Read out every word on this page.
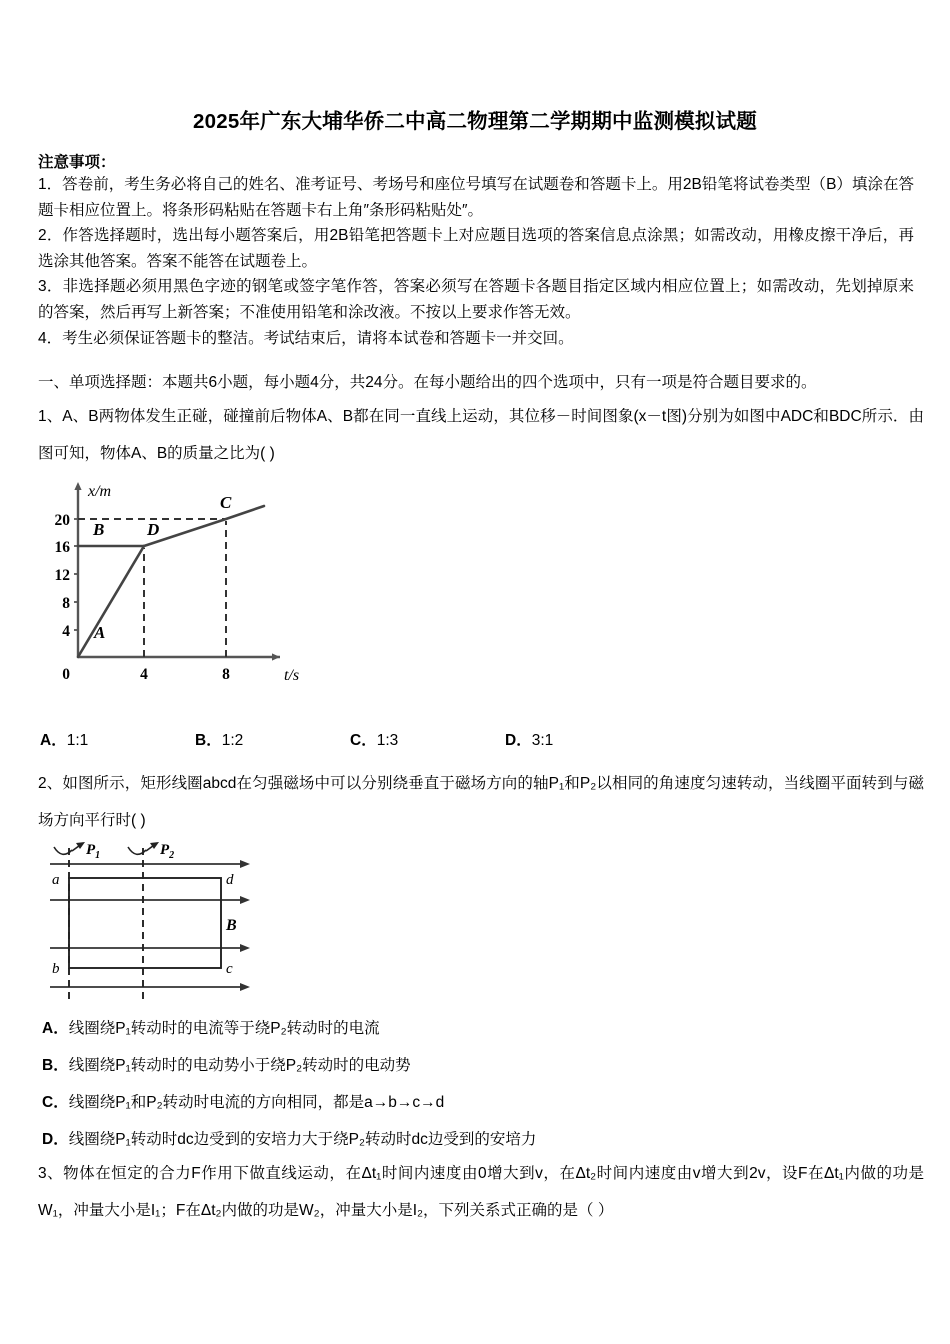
2025年广东大埔华侨二中高二物理第二学期期中监测模拟试题
注意事项：

1．答卷前，考生务必将自己的姓名、准考证号、考场号和座位号填写在试题卷和答题卡上。用2B铅笔将试卷类型（B）填涂在答题卡相应位置上。将条形码粘贴在答题卡右上角″条形码粘贴处″。

2．作答选择题时，选出每小题答案后，用2B铅笔把答题卡上对应题目选项的答案信息点涂黑；如需改动，用橡皮擦干净后，再选涂其他答案。答案不能答在试题卷上。

3．非选择题必须用黑色字迹的钢笔或签字笔作答，答案必须写在答题卡各题目指定区域内相应位置上；如需改动，先划掉原来的答案，然后再写上新答案；不准使用铅笔和涂改液。不按以上要求作答无效。

4．考生必须保证答题卡的整洁。考试结束后，请将本试卷和答题卡一并交回。

一、单项选择题：本题共6小题，每小题4分，共24分。在每小题给出的四个选项中，只有一项是符合题目要求的。
1、A、B两物体发生正碰，碰撞前后物体A、B都在同一直线上运动，其位移－时间图象(x－t图)分别为如图中ADC和BDC所示．由图可知，物体A、B的质量之比为( )
20
16
12
8
4
0	4	8
x/m
t/s
A
B
C
D
A．1:1	B．1:2	C．1:3	D．3:1
2、如图所示，矩形线圈abcd在匀强磁场中可以分别绕垂直于磁场方向的轴P₁和P₂以相同的角速度匀速转动，当线圈平面转到与磁场方向平行时( )
$P_1$	$P_2$
a
b	c
d
B
A．线圈绕P₁转动时的电流等于绕P₂转动时的电流
B．线圈绕P₁转动时的电动势小于绕P₂转动时的电动势
C．线圈绕P₁和P₂转动时电流的方向相同，都是a→b→c→d
D．线圈绕P₁转动时dc边受到的安培力大于绕P₂转动时dc边受到的安培力
3、物体在恒定的合力F作用下做直线运动，在Δt₁时间内速度由0增大到v，在Δt₂时间内速度由v增大到2v，设F在Δt₁内做的功是W₁，冲量大小是I₁；F在Δt₂内做的功是W₂，冲量大小是I₂，下列关系式正确的是（ ）
